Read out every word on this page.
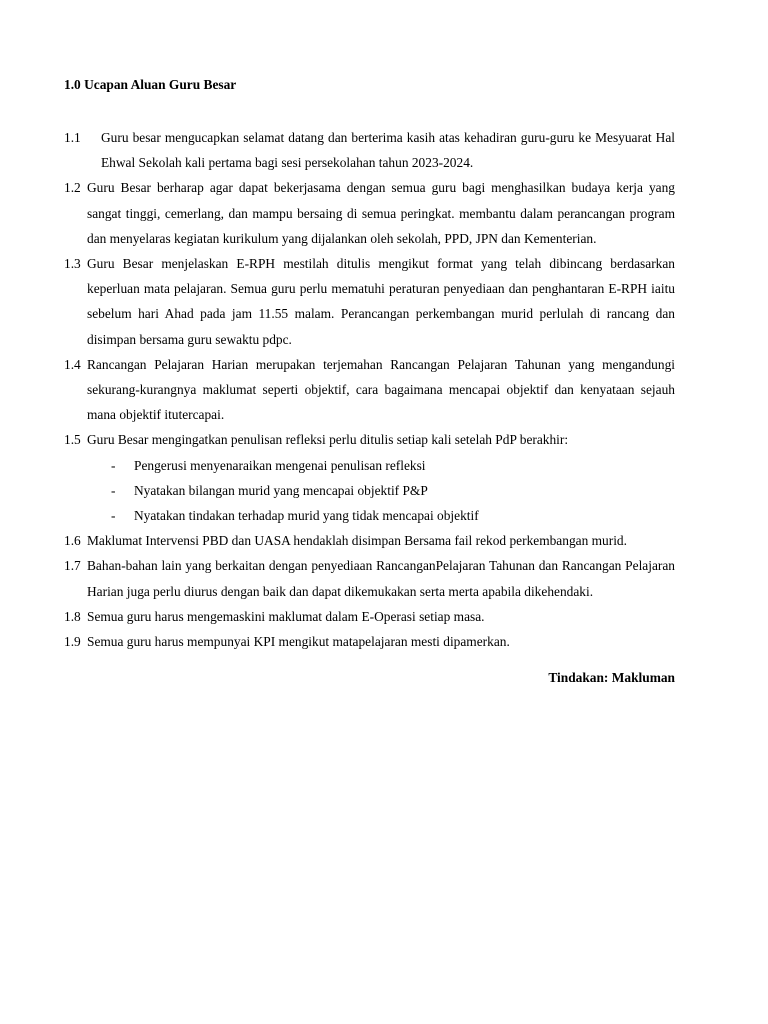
1.0 Ucapan Aluan Guru Besar
1.1	Guru besar mengucapkan selamat datang dan berterima kasih atas kehadiran guru-guru ke Mesyuarat Hal Ehwal Sekolah kali pertama bagi sesi persekolahan tahun 2023-2024.
1.2 Guru Besar berharap agar dapat bekerjasama dengan semua guru bagi menghasilkan budaya kerja yang sangat tinggi, cemerlang, dan mampu bersaing di semua peringkat. membantu dalam perancangan program dan menyelaras kegiatan kurikulum yang dijalankan oleh sekolah, PPD, JPN dan Kementerian.
1.3 Guru Besar menjelaskan E-RPH mestilah ditulis mengikut format yang telah dibincang berdasarkan keperluan mata pelajaran. Semua guru perlu mematuhi peraturan penyediaan dan penghantaran E-RPH iaitu sebelum hari Ahad pada jam 11.55 malam. Perancangan perkembangan murid perlulah di rancang dan disimpan bersama guru sewaktu pdpc.
1.4 Rancangan Pelajaran Harian merupakan terjemahan Rancangan Pelajaran Tahunan yang mengandungi sekurang-kurangnya maklumat seperti objektif, cara bagaimana mencapai objektif dan kenyataan sejauh mana objektif itutercapai.
1.5 Guru Besar mengingatkan penulisan refleksi perlu ditulis setiap kali setelah PdP berakhir:
-	Pengerusi menyenaraikan mengenai penulisan refleksi
-	Nyatakan bilangan murid yang mencapai objektif P&P
-	Nyatakan tindakan terhadap murid yang tidak mencapai objektif
1.6 Maklumat Intervensi PBD dan UASA hendaklah disimpan Bersama fail rekod perkembangan murid.
1.7 Bahan-bahan lain yang berkaitan dengan penyediaan RancanganPelajaran Tahunan dan Rancangan Pelajaran Harian juga perlu diurus dengan baik dan dapat dikemukakan serta merta apabila dikehendaki.
1.8 Semua guru harus mengemaskini maklumat dalam E-Operasi setiap masa.
1.9 Semua guru harus mempunyai KPI mengikut matapelajaran mesti dipamerkan.
Tindakan: Makluman
